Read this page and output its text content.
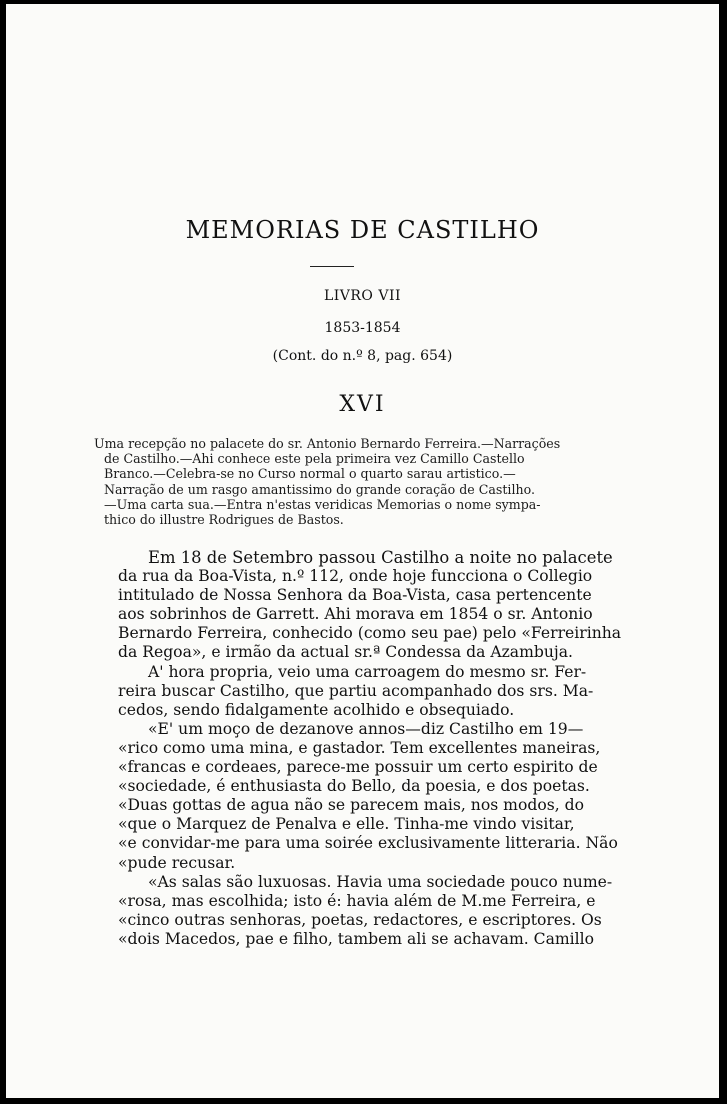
MEMORIAS DE CASTILHO
LIVRO VII
1853-1854
(Cont. do n.º 8, pag. 654)
XVI
Uma recepção no palacete do sr. Antonio Bernardo Ferreira.—Narrações
de Castilho.—Ahi conhece este pela primeira vez Camillo Castello
Branco.—Celebra-se no Curso normal o quarto sarau artistico.—
Narração de um rasgo amantissimo do grande coração de Castilho.
—Uma carta sua.—Entra n'estas veridicas Memorias o nome sympa-
thico do illustre Rodrigues de Bastos.
Em 18 de Setembro passou Castilho a noite no palacete
da rua da Boa-Vista, n.º 112, onde hoje funcciona o Collegio
intitulado de Nossa Senhora da Boa-Vista, casa pertencente
aos sobrinhos de Garrett. Ahi morava em 1854 o sr. Antonio
Bernardo Ferreira, conhecido (como seu pae) pelo «Ferreirinha
da Regoa», e irmão da actual sr.ª Condessa da Azambuja.
A' hora propria, veio uma carroagem do mesmo sr. Fer-
reira buscar Castilho, que partiu acompanhado dos srs. Ma-
cedos, sendo fidalgamente acolhido e obsequiado.
«E' um moço de dezanove annos—diz Castilho em 19—
«rico como uma mina, e gastador. Tem excellentes maneiras,
«francas e cordeaes, parece-me possuir um certo espirito de
«sociedade, é enthusiasta do Bello, da poesia, e dos poetas.
«Duas gottas de agua não se parecem mais, nos modos, do
«que o Marquez de Penalva e elle. Tinha-me vindo visitar,
«e convidar-me para uma soirée exclusivamente litteraria. Não
«pude recusar.
«As salas são luxuosas. Havia uma sociedade pouco nume-
«rosa, mas escolhida; isto é: havia além de M.me Ferreira, e
«cinco outras senhoras, poetas, redactores, e escriptores. Os
«dois Macedos, pae e filho, tambem ali se achavam. Camillo
